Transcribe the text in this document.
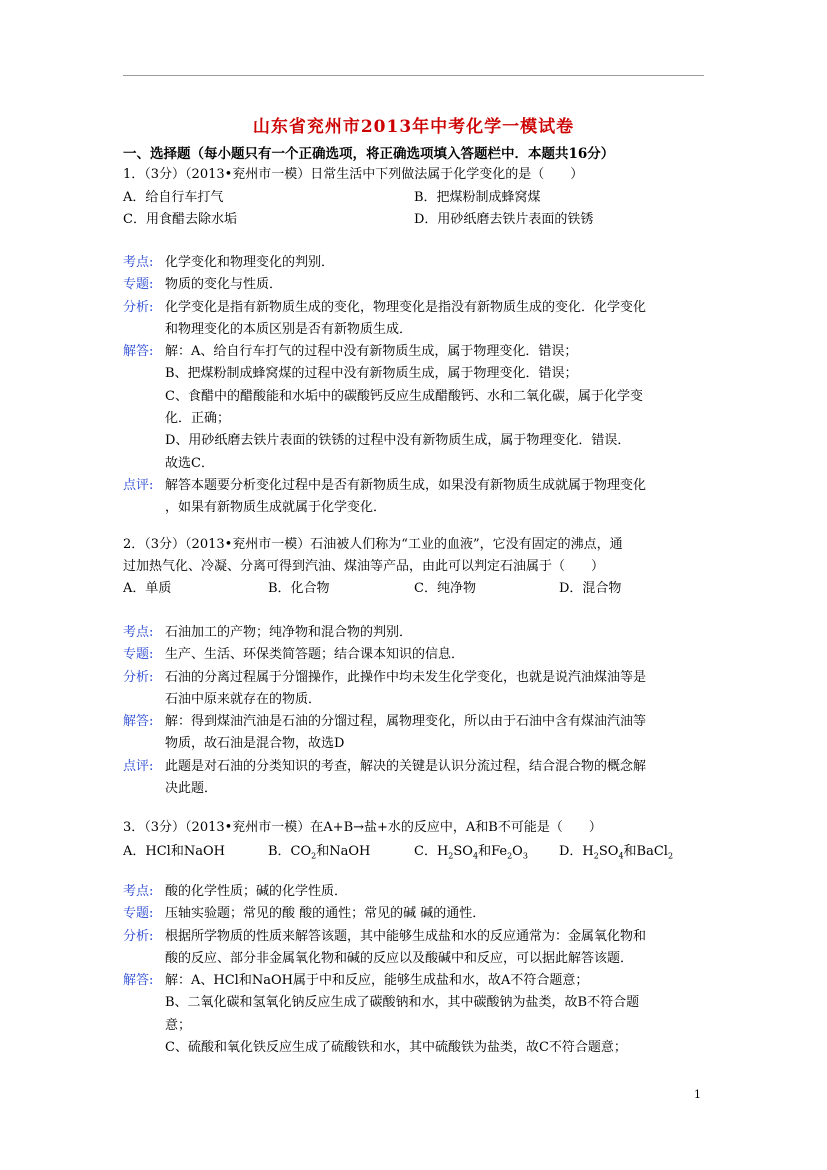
山东省兖州市2013年中考化学一模试卷
一、选择题（每小题只有一个正确选项，将正确选项填入答题栏中．本题共16分）
1．（3分）（2013•兖州市一模）日常生活中下列做法属于化学变化的是（　　）
A．给自行车打气	B．把煤粉制成蜂窝煤
C．用食醋去除水垢	D．用砂纸磨去铁片表面的铁锈
考点: 化学变化和物理变化的判别．
专题: 物质的变化与性质．
分析: 化学变化是指有新物质生成的变化，物理变化是指没有新物质生成的变化．化学变化
和物理变化的本质区别是否有新物质生成．
解答: 解：A、给自行车打气的过程中没有新物质生成，属于物理变化．错误；
B、把煤粉制成蜂窝煤的过程中没有新物质生成，属于物理变化．错误；
C、食醋中的醋酸能和水垢中的碳酸钙反应生成醋酸钙、水和二氧化碳，属于化学变
化．正确；
D、用砂纸磨去铁片表面的铁锈的过程中没有新物质生成，属于物理变化．错误．
故选C．
点评: 解答本题要分析变化过程中是否有新物质生成，如果没有新物质生成就属于物理变化
，如果有新物质生成就属于化学变化．
2．（3分）（2013•兖州市一模）石油被人们称为“工业的血液”，它没有固定的沸点，通
过加热气化、冷凝、分离可得到汽油、煤油等产品，由此可以判定石油属于（　　）
A．单质	B．化合物	C．纯净物	D．混合物
考点: 石油加工的产物；纯净物和混合物的判别．
专题: 生产、生活、环保类简答题；结合课本知识的信息．
分析: 石油的分离过程属于分馏操作，此操作中均未发生化学变化，也就是说汽油煤油等是
石油中原来就存在的物质．
解答: 解：得到煤油汽油是石油的分馏过程，属物理变化，所以由于石油中含有煤油汽油等
物质，故石油是混合物，故选D
点评: 此题是对石油的分类知识的考查，解决的关键是认识分流过程，结合混合物的概念解
决此题．
3．（3分）（2013•兖州市一模）在A+B→盐+水的反应中，A和B不可能是（　　）
A．HCl和NaOH	B．$CO_2$和NaOH	C．$H_2SO_4$和$Fe_2O_3$ D．$H_2SO_4$和BaCl$_2$
考点: 酸的化学性质；碱的化学性质．
专题: 压轴实验题；常见的酸 酸的通性；常见的碱 碱的通性．
分析: 根据所学物质的性质来解答该题，其中能够生成盐和水的反应通常为：金属氧化物和
酸的反应、部分非金属氧化物和碱的反应以及酸碱中和反应，可以据此解答该题．
解答: 解：A、HCl和NaOH属于中和反应，能够生成盐和水，故A不符合题意；
B、二氧化碳和氢氧化钠反应生成了碳酸钠和水，其中碳酸钠为盐类，故B不符合题
意；
C、硫酸和氧化铁反应生成了硫酸铁和水，其中硫酸铁为盐类，故C不符合题意；
1
